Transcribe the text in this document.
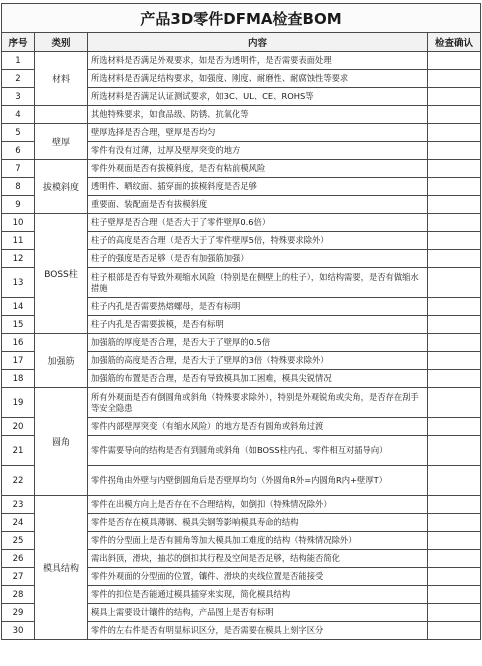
产品3D零件DFMA检查BOM			
序号	类别	内容	检查确认
1	材料	所选材料是否满足外观要求，如是否为透明件，是否需要表面处理	
2		所选材料是否满足结构要求，如强度、刚度、耐磨性、耐腐蚀性等要求	
3		所选材料是否满足认证测试要求，如3C、UL、CE、ROHS等	
4		其他特殊要求，如食品级、防锈、抗氧化等	
5	壁厚	壁厚选择是否合理，壁厚是否均匀	
6		零件有没有过薄，过厚及壁厚突变的地方	
7	拔模斜度	零件外观面是否有拔模斜度，是否有粘前模风险	
8		透明件、晒纹面、插穿面的拔模斜度是否足够	
9		重要面、装配面是否有拔模斜度	
10	BOSS柱	柱子壁厚是否合理（是否大于了零件壁厚0.6倍）	
11		柱子的高度是否合理（是否大于了零件壁厚5倍，特殊要求除外）	
12		柱子的强度是否足够（是否有加强筋加强）	
13		柱子根部是否有导致外观缩水风险（特别是在侧壁上的柱子），如结构需要，是否有做缩水措施	
14		柱子内孔是否需要热熔螺母，是否有标明	
15		柱子内孔是否需要拔模，是否有标明	
16	加强筋	加强筋的厚度是否合理，是否大于了壁厚的0.5倍	
17		加强筋的高度是否合理，是否大于了壁厚的3倍（特殊要求除外）	
18		加强筋的布置是否合理，是否有导致模具加工困难，模具尖锐情况	
19	圆角	所有外观面是否有倒圆角或斜角（特殊要求除外），特别是外观锐角或尖角，是否存在刮手等安全隐患	
20		零件内部壁厚突变（有缩水风险）的地方是否有圆角或斜角过渡	
21		零件需要导向的结构是否有到圆角或斜角（如BOSS柱内孔、零件相互对插导向）	
22		零件拐角由外壁与内壁倒圆角后是否壁厚均匀（外圆角R外=内圆角R内+壁厚T）	
23	模具结构	零件在出模方向上是否存在不合理结构，如倒扣（特殊情况除外）	
24		零件是否存在模具薄钢、模具尖钢等影响模具寿命的结构	
25		零件的分型面上是否有圆角等加大模具加工难度的结构（特殊情况除外）	
26		需出斜顶，滑块，抽芯的倒扣其行程及空间是否足够，结构能否简化	
27		零件外观面的分型面的位置，镶件、滑块的夹线位置是否能接受	
28		零件的扣位是否能通过模具插穿来实现，简化模具结构	
29		模具上需要设计镶件的结构，产品图上是否有标明	
30		零件的左右件是否有明显标识区分，是否需要在模具上刻字区分	
